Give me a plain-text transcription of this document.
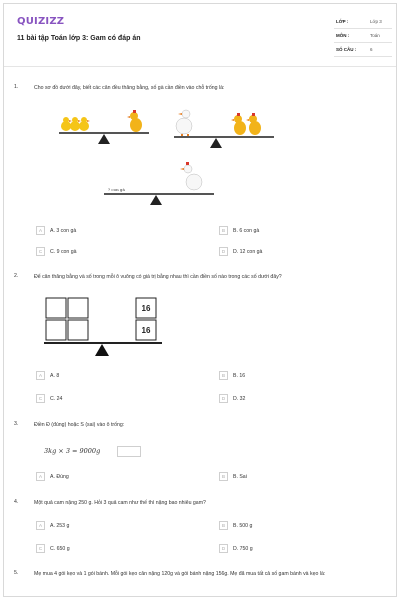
QUIZIZZ
11 bài tập Toán lớp 3: Gam có đáp án
LỚP :	Lớp 3
MÔN :	Toán
SỐ CÂU :	6
1.	Cho sơ đồ dưới đây, biết các cân đều thăng bằng, số gà cần điền vào chỗ trống là:
? con gà
A	A. 3 con gà	B	B. 6 con gà
C	C. 9 con gà	D	D. 12 con gà
2.	Để cân thăng bằng và số trong mỗi ô vuông có giá trị bằng nhau thì cần điền số nào trong các số dưới đây?
16
16
A	A. 8	B	B. 16
C	C. 24	D	D. 32
3.	Điền Đ (đúng) hoặc S (sai) vào ô trống:
3kg × 3 = 9000g
A	A. Đúng	B	B. Sai
4.	Một quả cam nặng 250 g. Hỏi 3 quả cam như thế thì nặng bao nhiêu gam?
A	A. 253 g	B	B. 500 g
C	C. 650 g	D	D. 750 g
5.	Mẹ mua 4 gói kẹo và 1 gói bánh. Mỗi gói kẹo cân nặng 120g và gói bánh nặng 156g. Mẹ đã mua tất cả số gam bánh và kẹo là:
